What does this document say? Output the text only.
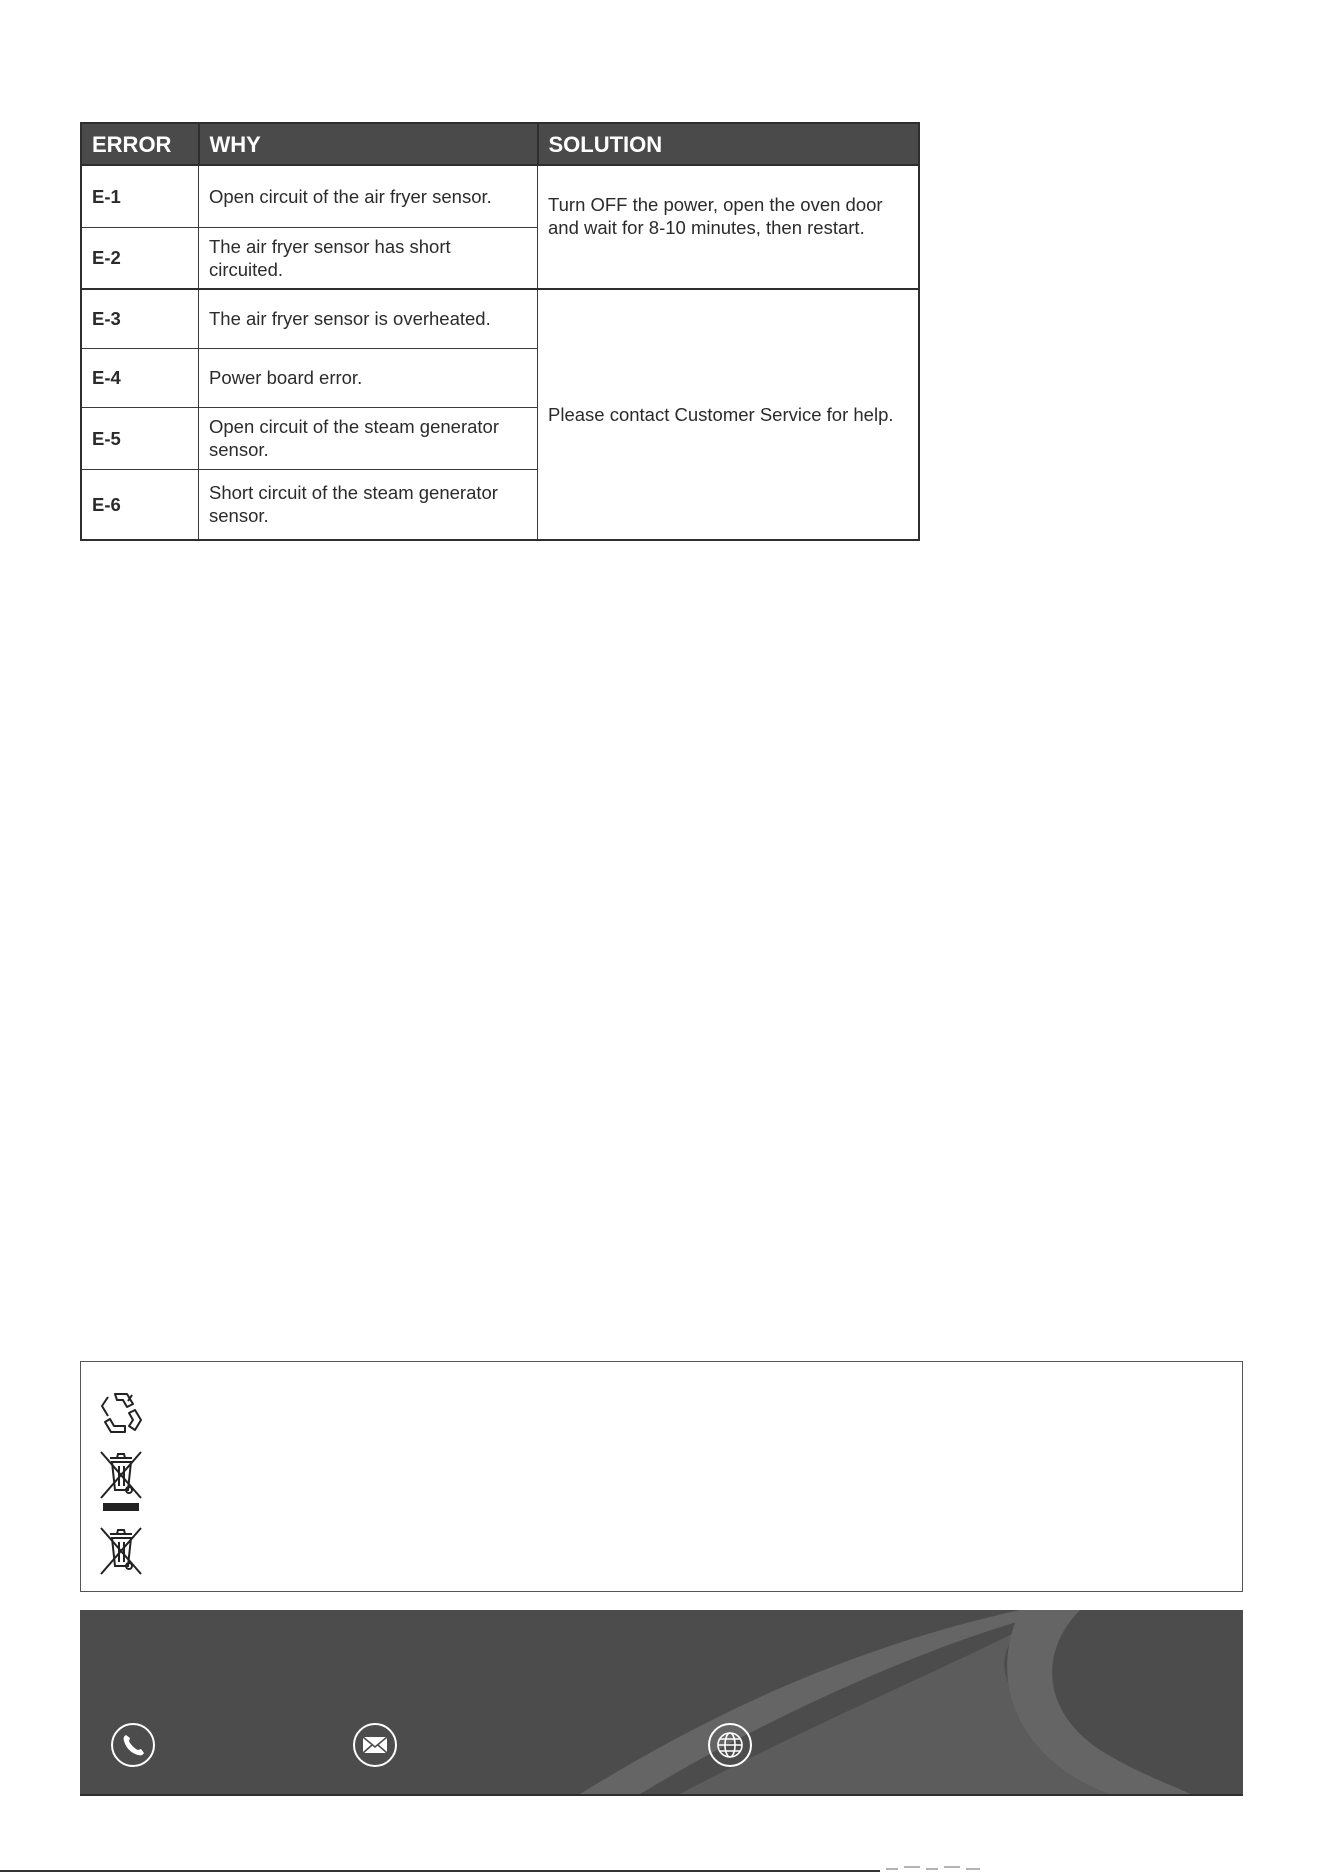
ERROR	WHY	SOLUTION
E-1	Open circuit of the air fryer sensor.	Turn OFF the power, open the oven door and wait for 8-10 minutes, then restart.
E-2	The air fryer sensor has short circuited.	
E-3	The air fryer sensor is overheated.	Please contact Customer Service for help.
E-4	Power board error.	
E-5	Open circuit of the steam generator sensor.	
E-6	Short circuit of the steam generator sensor.	
